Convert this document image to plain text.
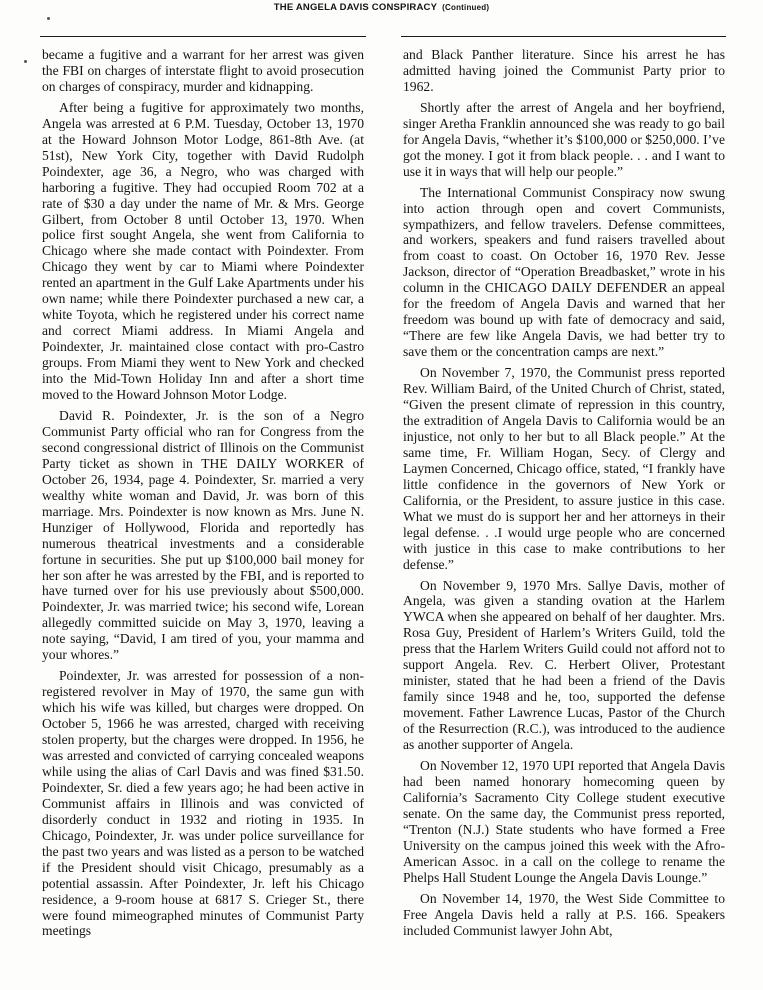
THE ANGELA DAVIS CONSPIRACY (Continued)

became a fugitive and a warrant for her arrest was given the FBI on charges of interstate flight to avoid prosecution on charges of conspiracy, murder and kidnapping.

After being a fugitive for approximately two months, Angela was arrested at 6 P.M. Tuesday, October 13, 1970 at the Howard Johnson Motor Lodge, 861-8th Ave. (at 51st), New York City, together with David Rudolph Poindexter, age 36, a Negro, who was charged with harboring a fugitive. They had occupied Room 702 at a rate of $30 a day under the name of Mr. & Mrs. George Gilbert, from October 8 until October 13, 1970. When police first sought Angela, she went from California to Chicago where she made contact with Poindexter. From Chicago they went by car to Miami where Poindexter rented an apartment in the Gulf Lake Apartments under his own name; while there Poindexter purchased a new car, a white Toyota, which he registered under his correct name and correct Miami address. In Miami Angela and Poindexter, Jr. maintained close contact with pro-Castro groups. From Miami they went to New York and checked into the Mid-Town Holiday Inn and after a short time moved to the Howard Johnson Motor Lodge.

David R. Poindexter, Jr. is the son of a Negro Communist Party official who ran for Congress from the second congressional district of Illinois on the Communist Party ticket as shown in THE DAILY WORKER of October 26, 1934, page 4. Poindexter, Sr. married a very wealthy white woman and David, Jr. was born of this marriage. Mrs. Poindexter is now known as Mrs. June N. Hunziger of Hollywood, Florida and reportedly has numerous theatrical investments and a considerable fortune in securities. She put up $100,000 bail money for her son after he was arrested by the FBI, and is reported to have turned over for his use previously about $500,000. Poindexter, Jr. was married twice; his second wife, Lorean allegedly committed suicide on May 3, 1970, leaving a note saying, “David, I am tired of you, your mamma and your whores.”

Poindexter, Jr. was arrested for possession of a non-registered revolver in May of 1970, the same gun with which his wife was killed, but charges were dropped. On October 5, 1966 he was arrested, charged with receiving stolen property, but the charges were dropped. In 1956, he was arrested and convicted of carrying concealed weapons while using the alias of Carl Davis and was fined $31.50. Poindexter, Sr. died a few years ago; he had been active in Communist affairs in Illinois and was convicted of disorderly conduct in 1932 and rioting in 1935. In Chicago, Poindexter, Jr. was under police surveillance for the past two years and was listed as a person to be watched if the President should visit Chicago, presumably as a potential assassin. After Poindexter, Jr. left his Chicago residence, a 9-room house at 6817 S. Crieger St., there were found mimeographed minutes of Communist Party meetings

and Black Panther literature. Since his arrest he has admitted having joined the Communist Party prior to 1962.

Shortly after the arrest of Angela and her boyfriend, singer Aretha Franklin announced she was ready to go bail for Angela Davis, “whether it’s $100,000 or $250,000. I’ve got the money. I got it from black people. . . and I want to use it in ways that will help our people.”

The International Communist Conspiracy now swung into action through open and covert Communists, sympathizers, and fellow travelers. Defense committees, and workers, speakers and fund raisers travelled about from coast to coast. On October 16, 1970 Rev. Jesse Jackson, director of “Operation Breadbasket,” wrote in his column in the CHICAGO DAILY DEFENDER an appeal for the freedom of Angela Davis and warned that her freedom was bound up with fate of democracy and said, “There are few like Angela Davis, we had better try to save them or the concentration camps are next.”

On November 7, 1970, the Communist press reported Rev. William Baird, of the United Church of Christ, stated, “Given the present climate of repression in this country, the extradition of Angela Davis to California would be an injustice, not only to her but to all Black people.” At the same time, Fr. William Hogan, Secy. of Clergy and Laymen Concerned, Chicago office, stated, “I frankly have little confidence in the governors of New York or California, or the President, to assure justice in this case. What we must do is support her and her attorneys in their legal defense. . .I would urge people who are concerned with justice in this case to make contributions to her defense.”

On November 9, 1970 Mrs. Sallye Davis, mother of Angela, was given a standing ovation at the Harlem YWCA when she appeared on behalf of her daughter. Mrs. Rosa Guy, President of Harlem’s Writers Guild, told the press that the Harlem Writers Guild could not afford not to support Angela. Rev. C. Herbert Oliver, Protestant minister, stated that he had been a friend of the Davis family since 1948 and he, too, supported the defense movement. Father Lawrence Lucas, Pastor of the Church of the Resurrection (R.C.), was introduced to the audience as another supporter of Angela.

On November 12, 1970 UPI reported that Angela Davis had been named honorary homecoming queen by California’s Sacramento City College student executive senate. On the same day, the Communist press reported, “Trenton (N.J.) State students who have formed a Free University on the campus joined this week with the Afro-American Assoc. in a call on the college to rename the Phelps Hall Student Lounge the Angela Davis Lounge.”

On November 14, 1970, the West Side Committee to Free Angela Davis held a rally at P.S. 166. Speakers included Communist lawyer John Abt,
